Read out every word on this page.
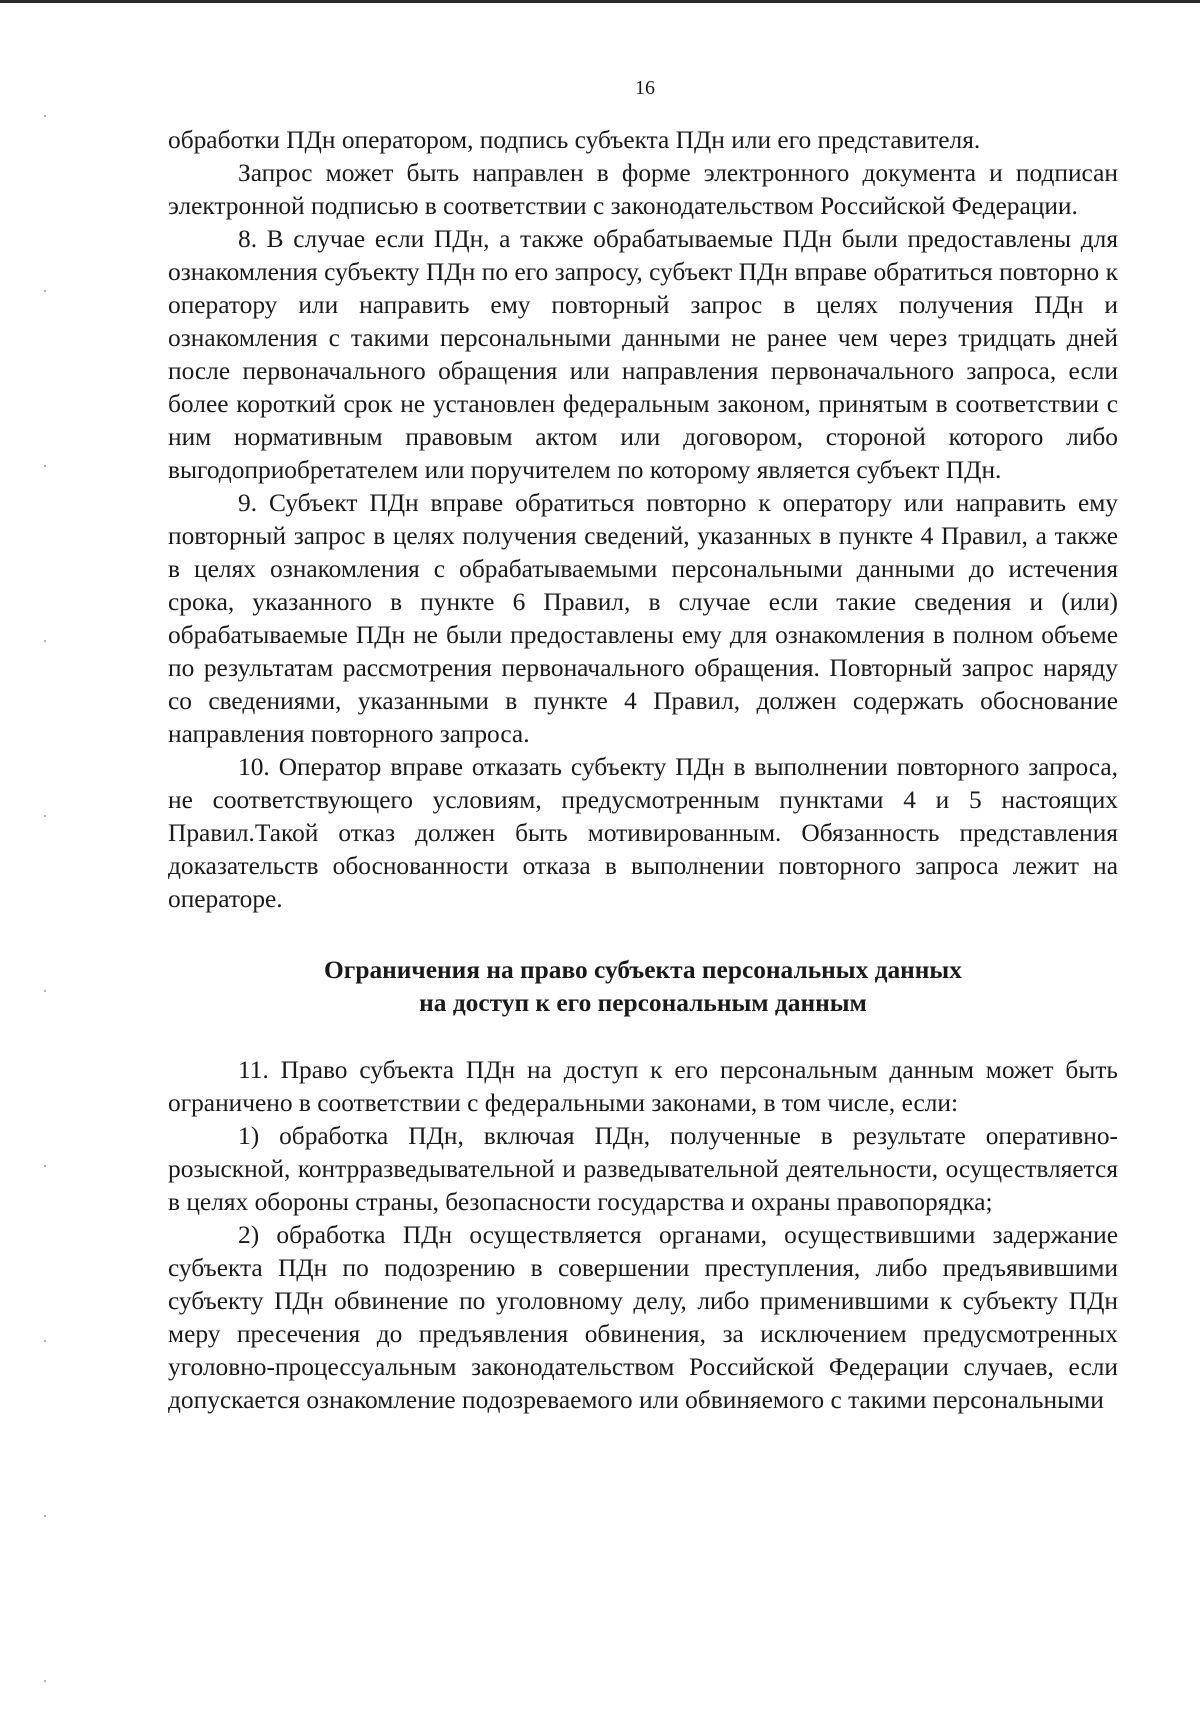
16

обработки ПДн оператором, подпись субъекта ПДн или его представителя.

Запрос может быть направлен в форме электронного документа и подписан электронной подписью в соответствии с законодательством Российской Федерации.

8. В случае если ПДн, а также обрабатываемые ПДн были предоставлены для ознакомления субъекту ПДн по его запросу, субъект ПДн вправе обратиться повторно к оператору или направить ему повторный запрос в целях получения ПДн и ознакомления с такими персональными данными не ранее чем через тридцать дней после первоначального обращения или направления первоначального запроса, если более короткий срок не установлен федеральным законом, принятым в соответствии с ним нормативным правовым актом или договором, стороной которого либо выгодоприобретателем или поручителем по которому является субъект ПДн.

9. Субъект ПДн вправе обратиться повторно к оператору или направить ему повторный запрос в целях получения сведений, указанных в пункте 4 Правил, а также в целях ознакомления с обрабатываемыми персональными данными до истечения срока, указанного в пункте 6 Правил, в случае если такие сведения и (или) обрабатываемые ПДн не были предоставлены ему для ознакомления в полном объеме по результатам рассмотрения первоначального обращения. Повторный запрос наряду со сведениями, указанными в пункте 4 Правил, должен содержать обоснование направления повторного запроса.

10. Оператор вправе отказать субъекту ПДн в выполнении повторного запроса, не соответствующего условиям, предусмотренным пунктами 4 и 5 настоящих Правил.Такой отказ должен быть мотивированным. Обязанность представления доказательств обоснованности отказа в выполнении повторного запроса лежит на операторе.

Ограничения на право субъекта персональных данных
на доступ к его персональным данным

11. Право субъекта ПДн на доступ к его персональным данным может быть ограничено в соответствии с федеральными законами, в том числе, если:

1) обработка ПДн, включая ПДн, полученные в результате оперативно-розыскной, контрразведывательной и разведывательной деятельности, осуществляется в целях обороны страны, безопасности государства и охраны правопорядка;

2) обработка ПДн осуществляется органами, осуществившими задержание субъекта ПДн по подозрению в совершении преступления, либо предъявившими субъекту ПДн обвинение по уголовному делу, либо применившими к субъекту ПДн меру пресечения до предъявления обвинения, за исключением предусмотренных уголовно-процессуальным законодательством Российской Федерации случаев, если допускается ознакомление подозреваемого или обвиняемого с такими персональными
